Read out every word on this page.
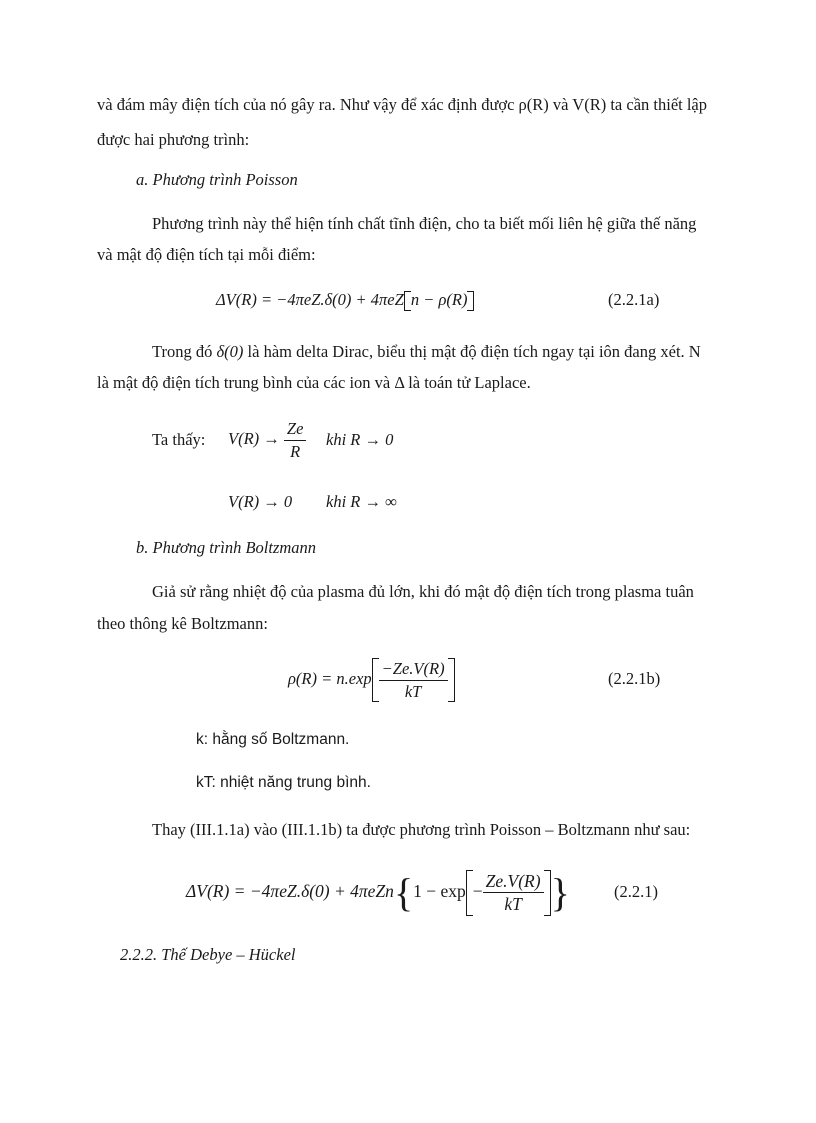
và đám mây điện tích của nó gây ra. Như vậy để xác định được ρ(R) và V(R) ta cần thiết lập
được hai phương trình:
a. Phương trình Poisson
Phương trình này thể hiện tính chất tĩnh điện, cho ta biết mối liên hệ giữa thế năng
và mật độ điện tích tại mỗi điểm:
ΔV(R) = −4πeZ.δ(0) + 4πeZ n − ρ(R)	(2.2.1a)
Trong đó δ(0) là hàm delta Dirac, biểu thị mật độ điện tích ngay tại iôn đang xét. N
là mật độ điện tích trung bình của các ion và Δ là toán tử Laplace.
Ta thấy: $V(R) \to \frac{Ze}{R}$ khi R → 0
V(R) → 0 khi R → ∞
b. Phương trình Boltzmann
Giả sử rằng nhiệt độ của plasma đủ lớn, khi đó mật độ điện tích trong plasma tuân
theo thông kê Boltzmann:
$\rho(R) = n.\exp \frac{-Ze.V(R)}{kT}$	(2.2.1b)
k: hằng số Boltzmann.
kT: nhiệt năng trung bình.
Thay (III.1.1a) vào (III.1.1b) ta được phương trình Poisson – Boltzmann như sau:
$\Delta V(R) = -4\pi eZ.\delta(0) + 4\pi eZn\{1 - \exp - \frac{Ze.V(R)}{kT}$ }	(2.2.1)
2.2.2. Thế Debye – Hückel
